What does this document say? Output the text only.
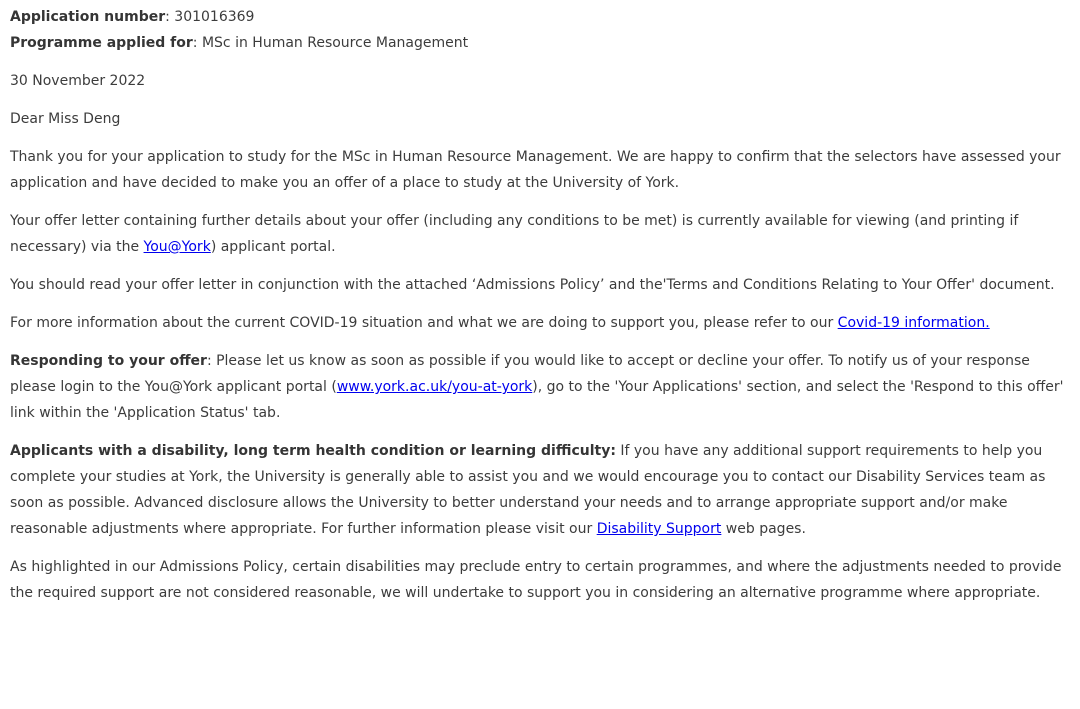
Application number: 301016369
Programme applied for: MSc in Human Resource Management

30 November 2022

Dear Miss Deng

Thank you for your application to study for the MSc in Human Resource Management. We are happy to confirm that the selectors have assessed your application and have decided to make you an offer of a place to study at the University of York.

Your offer letter containing further details about your offer (including any conditions to be met) is currently available for viewing (and printing if necessary) via the You@York) applicant portal.

You should read your offer letter in conjunction with the attached ‘Admissions Policy’ and the'Terms and Conditions Relating to Your Offer' document.

For more information about the current COVID-19 situation and what we are doing to support you, please refer to our Covid-19 information.

Responding to your offer: Please let us know as soon as possible if you would like to accept or decline your offer. To notify us of your response please login to the You@York applicant portal (www.york.ac.uk/you-at-york), go to the 'Your Applications' section, and select the 'Respond to this offer' link within the 'Application Status' tab.

Applicants with a disability, long term health condition or learning difficulty: If you have any additional support requirements to help you complete your studies at York, the University is generally able to assist you and we would encourage you to contact our Disability Services team as soon as possible. Advanced disclosure allows the University to better understand your needs and to arrange appropriate support and/or make reasonable adjustments where appropriate. For further information please visit our Disability Support web pages.

As highlighted in our Admissions Policy, certain disabilities may preclude entry to certain programmes, and where the adjustments needed to provide the required support are not considered reasonable, we will undertake to support you in considering an alternative programme where appropriate.
